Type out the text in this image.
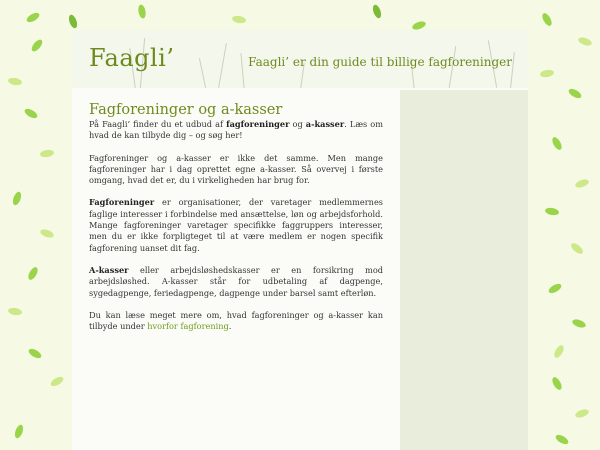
Faagli’	Faagli’ er din guide til billige fagforeninger
Fagforeninger og a-kasser

På Faagli’ finder du et udbud af fagforeninger og a-kasser. Læs om hvad de kan tilbyde dig – og søg her!

Fagforeninger og a-kasser er ikke det samme. Men mange fagforeninger har i dag oprettet egne a-kasser. Så overvej i første omgang, hvad det er, du i virkeligheden har brug for.

Fagforeninger er organisationer, der varetager medlemmernes faglige interesser i forbindelse med ansættelse, løn og arbejdsforhold. Mange fagforeninger varetager specifikke faggruppers interesser, men du er ikke forpligteget til at være medlem er nogen specifik fagforening uanset dit fag.

A-kasser eller arbejdsløshedskasser er en forsikring mod arbejdsløshed. A-kasser står for udbetaling af dagpenge, sygedagpenge, feriedagpenge, dagpenge under barsel samt efterløn.

Du kan læse meget mere om, hvad fagforeninger og a-kasser kan tilbyde under hvorfor fagforening.
